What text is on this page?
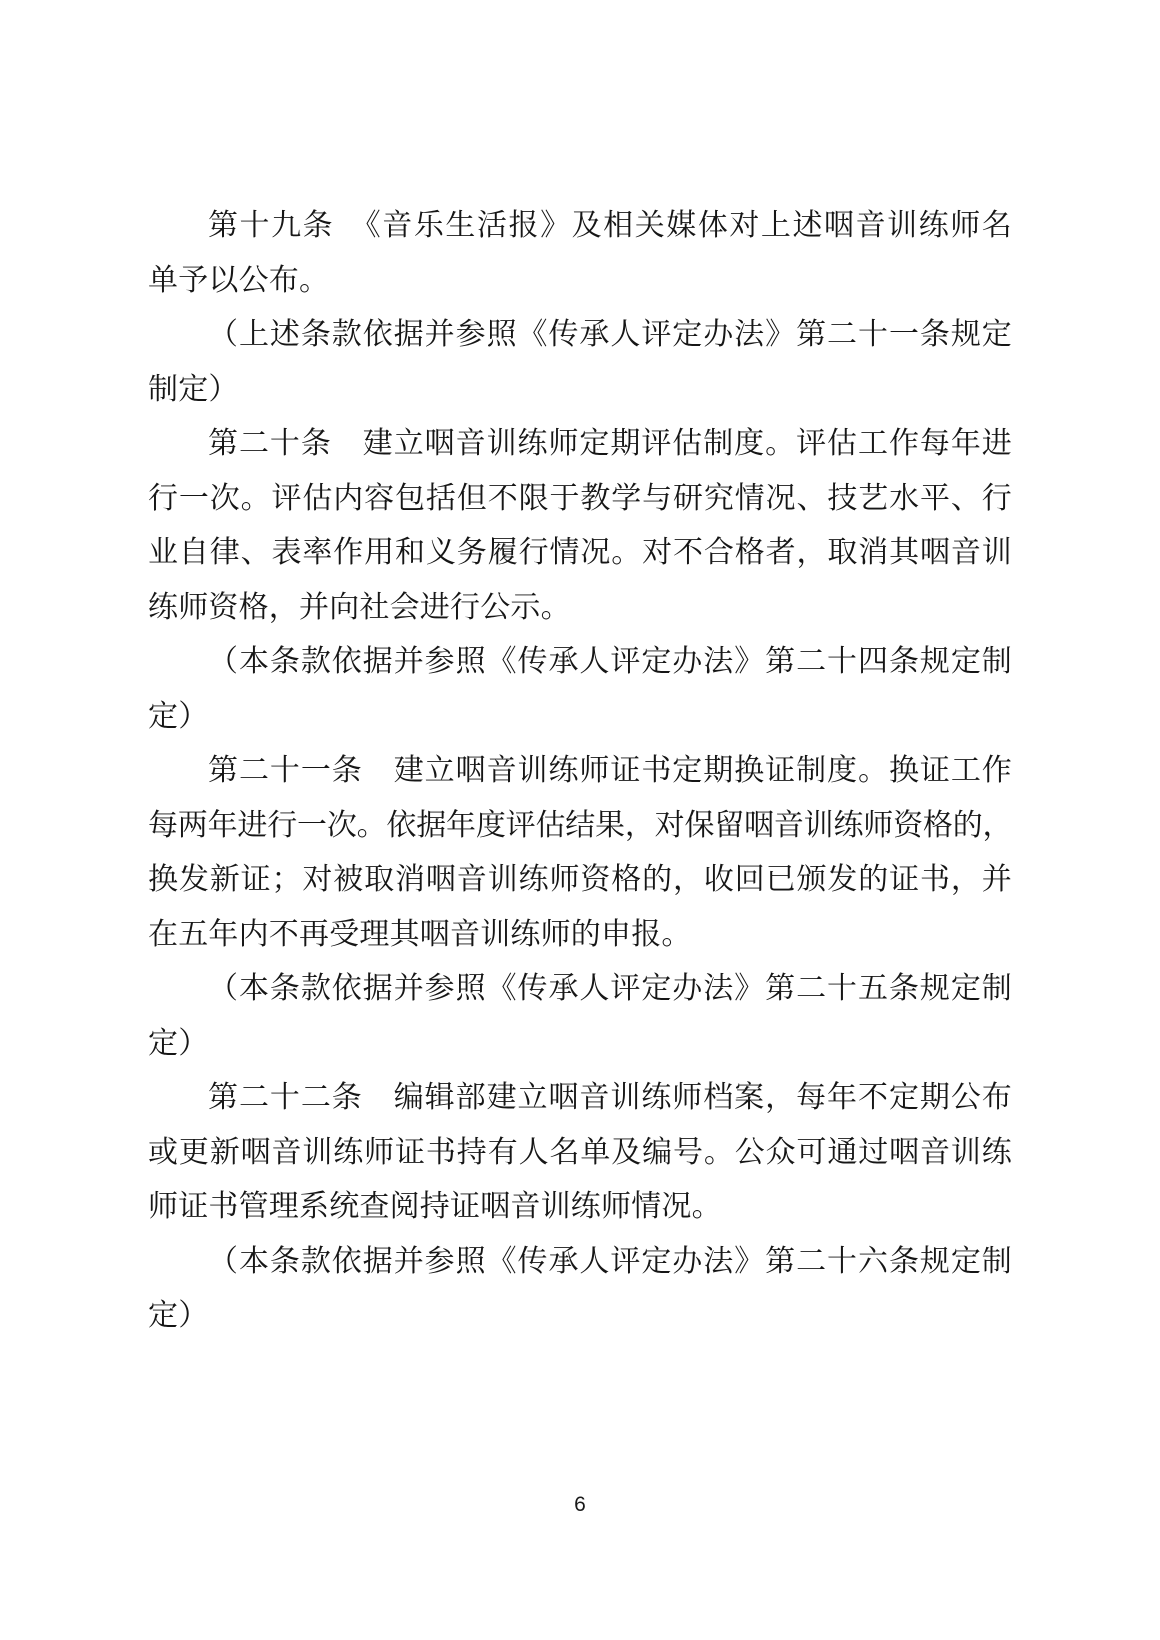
第十九条　《音乐生活报》及相关媒体对上述咽音训练师名
单予以公布。
（上述条款依据并参照《传承人评定办法》第二十一条规定
制定）
第二十条　建立咽音训练师定期评估制度。评估工作每年进
行一次。评估内容包括但不限于教学与研究情况、技艺水平、行
业自律、表率作用和义务履行情况。对不合格者，取消其咽音训
练师资格，并向社会进行公示。
（本条款依据并参照《传承人评定办法》第二十四条规定制
定）
第二十一条　建立咽音训练师证书定期换证制度。换证工作
每两年进行一次。依据年度评估结果，对保留咽音训练师资格的，
换发新证；对被取消咽音训练师资格的，收回已颁发的证书，并
在五年内不再受理其咽音训练师的申报。
（本条款依据并参照《传承人评定办法》第二十五条规定制
定）
第二十二条　编辑部建立咽音训练师档案，每年不定期公布
或更新咽音训练师证书持有人名单及编号。公众可通过咽音训练
师证书管理系统查阅持证咽音训练师情况。
（本条款依据并参照《传承人评定办法》第二十六条规定制
定）
6
